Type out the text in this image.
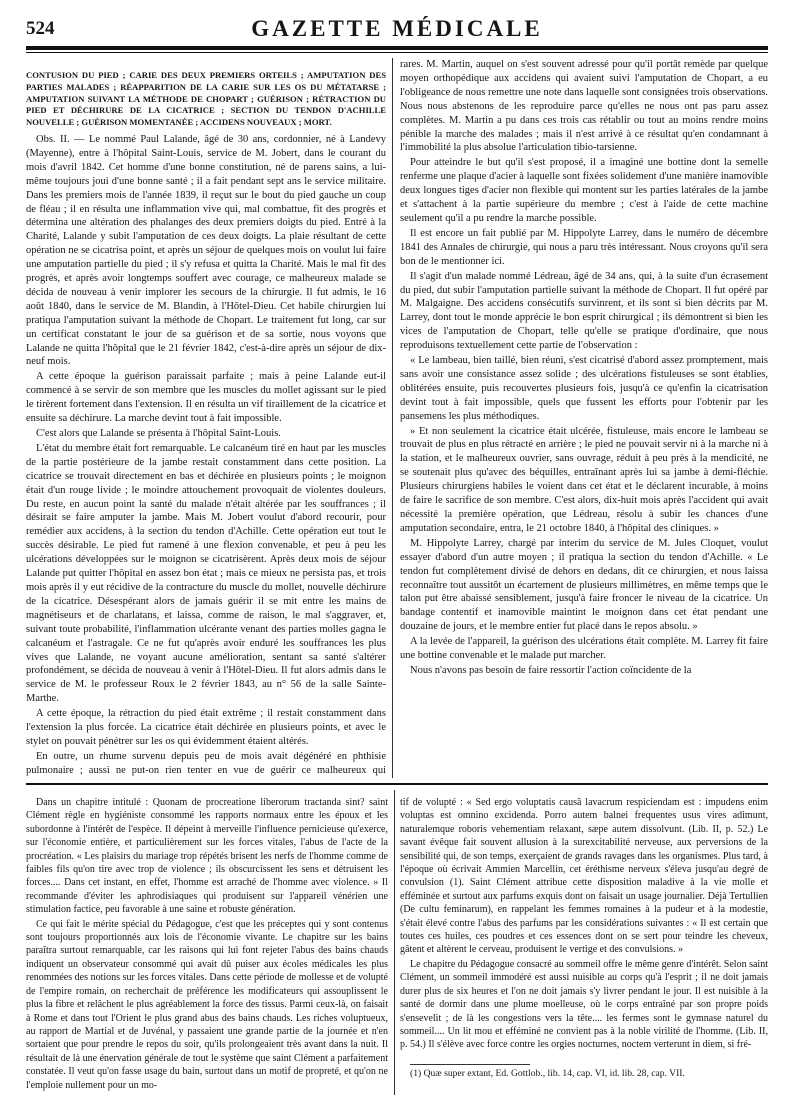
524	GAZETTE MÉDICALE
CONTUSION DU PIED ; CARIE DES DEUX PREMIERS ORTEILS ; AMPUTATION DES PARTIES MALADES ; RÉAPPARITION DE LA CARIE SUR LES OS DU MÉTATARSE ; AMPUTATION SUIVANT LA MÉTHODE DE CHOPART ; GUÉRISON ; RÉTRACTION DU PIED ET DÉCHIRURE DE LA CICATRICE ; SECTION DU TENDON D'ACHILLE NOUVELLE ; GUÉRISON MOMENTANÉE ; ACCIDENS NOUVEAUX ; MORT.

Obs. II. — Le nommé Paul Lalande, âgé de 30 ans, cordonnier, né à Landevy (Mayenne), entre à l'hôpital Saint-Louis, service de M. Jobert, dans le courant du mois d'avril 1842. Cet homme d'une bonne constitution, né de parens sains, a lui-même toujours joui d'une bonne santé ; il a fait pendant sept ans le service militaire. Dans les premiers mois de l'année 1839, il reçut sur le bout du pied gauche un coup de fléau ; il en résulta une inflammation vive qui, mal combattue, fit des progrès et détermina une altération des phalanges des deux premiers doigts du pied. Entré à la Charité, Lalande y subit l'amputation de ces deux doigts. La plaie résultant de cette opération ne se cicatrisa point, et après un séjour de quelques mois on voulut lui faire une amputation partielle du pied ; il s'y refusa et quitta la Charité. Mais le mal fit des progrès, et après avoir longtemps souffert avec courage, ce malheureux malade se décida de nouveau à venir implorer les secours de la chirurgie. Il fut admis, le 16 août 1840, dans le service de M. Blandin, à l'Hôtel-Dieu. Cet habile chirurgien lui pratiqua l'amputation suivant la méthode de Chopart. Le traitement fut long, car sur un certificat constatant le jour de sa guérison et de sa sortie, nous voyons que Lalande ne quitta l'hôpital que le 21 février 1842, c'est-à-dire après un séjour de dix-neuf mois.

A cette époque la guérison paraissait parfaite ; mais à peine Lalande eut-il commencé à se servir de son membre que les muscles du mollet agissant sur le pied le tirèrent fortement dans l'extension. Il en résulta un vif tiraillement de la cicatrice et ensuite sa déchirure. La marche devint tout à fait impossible.

C'est alors que Lalande se présenta à l'hôpital Saint-Louis.

L'état du membre était fort remarquable. Le calcanéum tiré en haut par les muscles de la partie postérieure de la jambe restait constamment dans cette position. La cicatrice se trouvait directement en bas et déchirée en plusieurs points ; le moignon était d'un rouge livide ; le moindre attouchement provoquait de violentes douleurs. Du reste, en aucun point la santé du malade n'était altérée par les souffrances ; il désirait se faire amputer la jambe. Mais M. Jobert voulut d'abord recourir, pour remédier aux accidens, à la section du tendon d'Achille. Cette opération eut tout le succès désirable. Le pied fut ramené à une flexion convenable, et peu à peu les ulcérations développées sur le moignon se cicatrisèrent. Après deux mois de séjour Lalande put quitter l'hôpital en assez bon état ; mais ce mieux ne persista pas, et trois mois après il y eut récidive de la contracture du muscle du mollet, nouvelle déchirure de la cicatrice. Désespérant alors de jamais guérir il se mit entre les mains de magnétiseurs et de charlatans, et laissa, comme de raison, le mal s'aggraver, et, suivant toute probabilité, l'inflammation ulcérante venant des parties molles gagna le calcanéum et l'astragale. Ce ne fut qu'après avoir enduré les souffrances les plus vives que Lalande, ne voyant aucune amélioration, sentant sa santé s'altérer profondément, se décida de nouveau à venir à l'Hôtel-Dieu. Il fut alors admis dans le service de M. le professeur Roux le 2 février 1843, au n° 56 de la salle Sainte-Marthe.

A cette époque, la rétraction du pied était extrême ; il restait constamment dans l'extension la plus forcée. La cicatrice était déchirée en plusieurs points, et avec le stylet on pouvait pénétrer sur les os qui évidemment étaient altérés.

En outre, un rhume survenu depuis peu de mois avait dégénéré en phthisie pulmonaire ; aussi ne put-on rien tenter en vue de guérir ce malheureux qui

rares. M. Martin, auquel on s'est souvent adressé pour qu'il portât remède par quelque moyen orthopédique aux accidens qui avaient suivi l'amputation de Chopart, a eu l'obligeance de nous remettre une note dans laquelle sont consignées trois observations. Nous nous abstenons de les reproduire parce qu'elles ne nous ont pas paru assez complètes. M. Martin a pu dans ces trois cas rétablir ou tout au moins rendre moins pénible la marche des malades ; mais il n'est arrivé à ce résultat qu'en condamnant à l'immobilité la plus absolue l'articulation tibio-tarsienne.

Pour atteindre le but qu'il s'est proposé, il a imaginé une bottine dont la semelle renferme une plaque d'acier à laquelle sont fixées solidement d'une manière inamovible deux longues tiges d'acier non flexible qui montent sur les parties latérales de la jambe et s'attachent à la partie supérieure du membre ; c'est à l'aide de cette machine seulement qu'il a pu rendre la marche possible.

Il est encore un fait publié par M. Hippolyte Larrey, dans le numéro de décembre 1841 des Annales de chirurgie, qui nous a paru très intéressant. Nous croyons qu'il sera bon de le mentionner ici.

Il s'agit d'un malade nommé Lédreau, âgé de 34 ans, qui, à la suite d'un écrasement du pied, dut subir l'amputation partielle suivant la méthode de Chopart. Il fut opéré par M. Malgaigne. Des accidens consécutifs survinrent, et ils sont si bien décrits par M. Larrey, dont tout le monde apprécie le bon esprit chirurgical ; ils démontrent si bien les vices de l'amputation de Chopart, telle qu'elle se pratique d'ordinaire, que nous reproduisons textuellement cette partie de l'observation :

« Le lambeau, bien taillé, bien réuni, s'est cicatrisé d'abord assez promptement, mais sans avoir une consistance assez solide ; des ulcérations fistuleuses se sont établies, oblitérées ensuite, puis recouvertes plusieurs fois, jusqu'à ce qu'enfin la cicatrisation devint tout à fait impossible, quels que fussent les efforts pour l'obtenir par les pansemens les plus méthodiques.

» Et non seulement la cicatrice était ulcérée, fistuleuse, mais encore le lambeau se trouvait de plus en plus rétracté en arrière ; le pied ne pouvait servir ni à la marche ni à la station, et le malheureux ouvrier, sans ouvrage, réduit à peu près à la mendicité, ne se soutenait plus qu'avec des béquilles, entraînant après lui sa jambe à demi-fléchie. Plusieurs chirurgiens habiles le voient dans cet état et le déclarent incurable, à moins de faire le sacrifice de son membre. C'est alors, dix-huit mois après l'accident qui avait nécessité la première opération, que Lédreau, résolu à subir les chances d'une amputation secondaire, entra, le 21 octobre 1840, à l'hôpital des cliniques. »

M. Hippolyte Larrey, chargé par interim du service de M. Jules Cloquet, voulut essayer d'abord d'un autre moyen ; il pratiqua la section du tendon d'Achille. « Le tendon fut complètement divisé de dehors en dedans, dit ce chirurgien, et nous laissa reconnaître tout aussitôt un écartement de plusieurs millimètres, en même temps que le talon put être abaissé sensiblement, jusqu'à faire froncer le niveau de la cicatrice. Un bandage contentif et inamovible maintint le moignon dans cet état pendant une douzaine de jours, et le membre entier fut placé dans le repos absolu. »

A la levée de l'appareil, la guérison des ulcérations était complète. M. Larrey fit faire une bottine convenable et le malade put marcher.

Nous n'avons pas besoin de faire ressortir l'action coïncidente de la

Dans un chapitre intitulé : Quonam de procreatione liberorum tractanda sint? saint Clément règle en hygiéniste consommé les rapports normaux entre les époux et les subordonne à l'intérêt de l'espèce. Il dépeint à merveille l'influence pernicieuse qu'exerce, sur l'économie entière, et particulièrement sur les forces vitales, l'abus de l'acte de la procréation. « Les plaisirs du mariage trop répétés brisent les nerfs de l'homme comme de faibles fils qu'on tire avec trop de violence ; ils obscurcissent les sens et détruisent les forces.... Dans cet instant, en effet, l'homme est arraché de l'homme avec violence. » Il recommande d'éviter les aphrodisiaques qui produisent sur l'appareil vénérien une stimulation factice, peu favorable à une saine et robuste génération.

Ce qui fait le mérite spécial du Pédagogue, c'est que les préceptes qui y sont contenus sont toujours proportionnés aux lois de l'économie vivante. Le chapitre sur les bains paraîtra surtout remarquable, car les raisons qui lui font rejeter l'abus des bains chauds indiquent un observateur consommé qui avait dû puiser aux écoles médicales les plus renommées des notions sur les forces vitales. Dans cette période de mollesse et de volupté de l'empire romain, on recherchait de préférence les modificateurs qui assouplissent le plus la fibre et relâchent le plus agréablement la force des tissus. Parmi ceux-là, on faisait à Rome et dans tout l'Orient le plus grand abus des bains chauds. Les riches voluptueux, au rapport de Martial et de Juvénal, y passaient une grande partie de la journée et n'en sortaient que pour prendre le repos du soir, qu'ils prolongeaient très avant dans la nuit. Il résultait de là une énervation générale de tout le système que saint Clément a parfaitement constatée. Il veut qu'on fasse usage du bain, surtout dans un motif de propreté, et qu'on ne l'emploie nullement pour un mo-

tif de volupté : « Sed ergo voluptatis causâ lavacrum respiciendam est : impudens enim voluptas est omnino excidenda. Porro autem balnei frequentes usus vires adimunt, naturalemque roboris vehementiam relaxant, sæpe autem dissolvunt. (Lib. II, p. 52.) Le savant évêque fait souvent allusion à la surexcitabilité nerveuse, aux perversions de la sensibilité qui, de son temps, exerçaient de grands ravages dans les organismes. Plus tard, à l'époque où écrivait Ammien Marcellin, cet éréthisme nerveux s'éleva jusqu'au degré de convulsion (1). Saint Clément attribue cette disposition maladive à la vie molle et efféminée et surtout aux parfums exquis dont on faisait un usage journalier. Déjà Tertullien (De cultu feminarum), en rappelant les femmes romaines à la pudeur et à la modestie, s'était élevé contre l'abus des parfums par les considérations suivantes : « Il est certain que toutes ces huiles, ces poudres et ces essences dont on se sert pour teindre les cheveux, gâtent et altèrent le cerveau, produisent le vertige et des convulsions. »

Le chapitre du Pédagogue consacré au sommeil offre le même genre d'intérêt. Selon saint Clément, un sommeil immodéré est aussi nuisible au corps qu'à l'esprit ; il ne doit jamais durer plus de six heures et l'on ne doit jamais s'y livrer pendant le jour. Il est nuisible à la santé de dormir dans une plume moelleuse, où le corps entraîné par son propre poids s'ensevelit ; de là les congestions vers la tête.... les fermes sont le gymnase naturel du sommeil.... Un lit mou et efféminé ne convient pas à la noble virilité de l'homme. (Lib. II, p. 54.) Il s'élève avec force contre les orgies nocturnes, noctem verterunt in diem, si fré-

(1) Quæ super extant, Ed. Gottlob., lib. 14, cap. VI, id. lib. 28, cap. VII.
